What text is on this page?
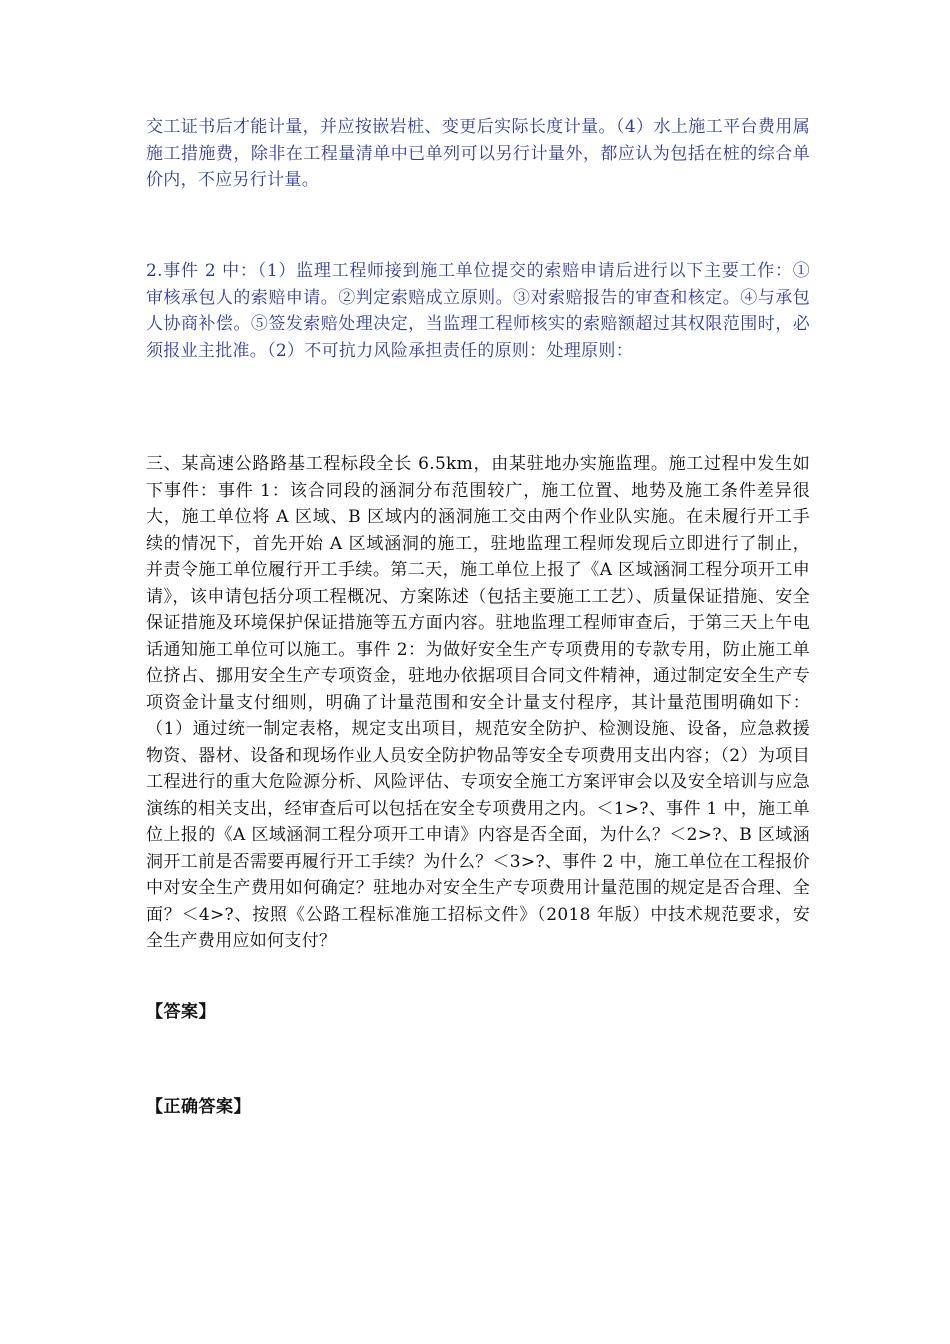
交工证书后才能计量，并应按嵌岩桩、变更后实际长度计量。（4）水上施工平台费用属施工措施费，除非在工程量清单中已单列可以另行计量外，都应认为包括在桩的综合单价内，不应另行计量。

2.事件 2 中：（1）监理工程师接到施工单位提交的索赔申请后进行以下主要工作：①审核承包人的索赔申请。②判定索赔成立原则。③对索赔报告的审查和核定。④与承包人协商补偿。⑤签发索赔处理决定，当监理工程师核实的索赔额超过其权限范围时，必须报业主批准。（2）不可抗力风险承担责任的原则：处理原则：

三、某高速公路路基工程标段全长 6.5km，由某驻地办实施监理。施工过程中发生如下事件：事件 1：该合同段的涵洞分布范围较广，施工位置、地势及施工条件差异很大，施工单位将 A 区域、B 区域内的涵洞施工交由两个作业队实施。在未履行开工手续的情况下，首先开始 A 区域涵洞的施工，驻地监理工程师发现后立即进行了制止，并责令施工单位履行开工手续。第二天，施工单位上报了《A 区域涵洞工程分项开工申请》，该申请包括分项工程概况、方案陈述（包括主要施工工艺）、质量保证措施、安全保证措施及环境保护保证措施等五方面内容。驻地监理工程师审查后，于第三天上午电话通知施工单位可以施工。事件 2：为做好安全生产专项费用的专款专用，防止施工单位挤占、挪用安全生产专项资金，驻地办依据项目合同文件精神，通过制定安全生产专项资金计量支付细则，明确了计量范围和安全计量支付程序，其计量范围明确如下：（1）通过统一制定表格，规定支出项目，规范安全防护、检测设施、设备，应急救援物资、器材、设备和现场作业人员安全防护物品等安全专项费用支出内容；（2）为项目工程进行的重大危险源分析、风险评估、专项安全施工方案评审会以及安全培训与应急演练的相关支出，经审查后可以包括在安全专项费用之内。＜1>?、事件 1 中，施工单位上报的《A 区域涵洞工程分项开工申请》内容是否全面，为什么？＜2>?、B 区域涵洞开工前是否需要再履行开工手续？为什么？＜3>?、事件 2 中，施工单位在工程报价中对安全生产费用如何确定？驻地办对安全生产专项费用计量范围的规定是否合理、全面？＜4>?、按照《公路工程标准施工招标文件》（2018 年版）中技术规范要求，安全生产费用应如何支付？

【答案】

【正确答案】
